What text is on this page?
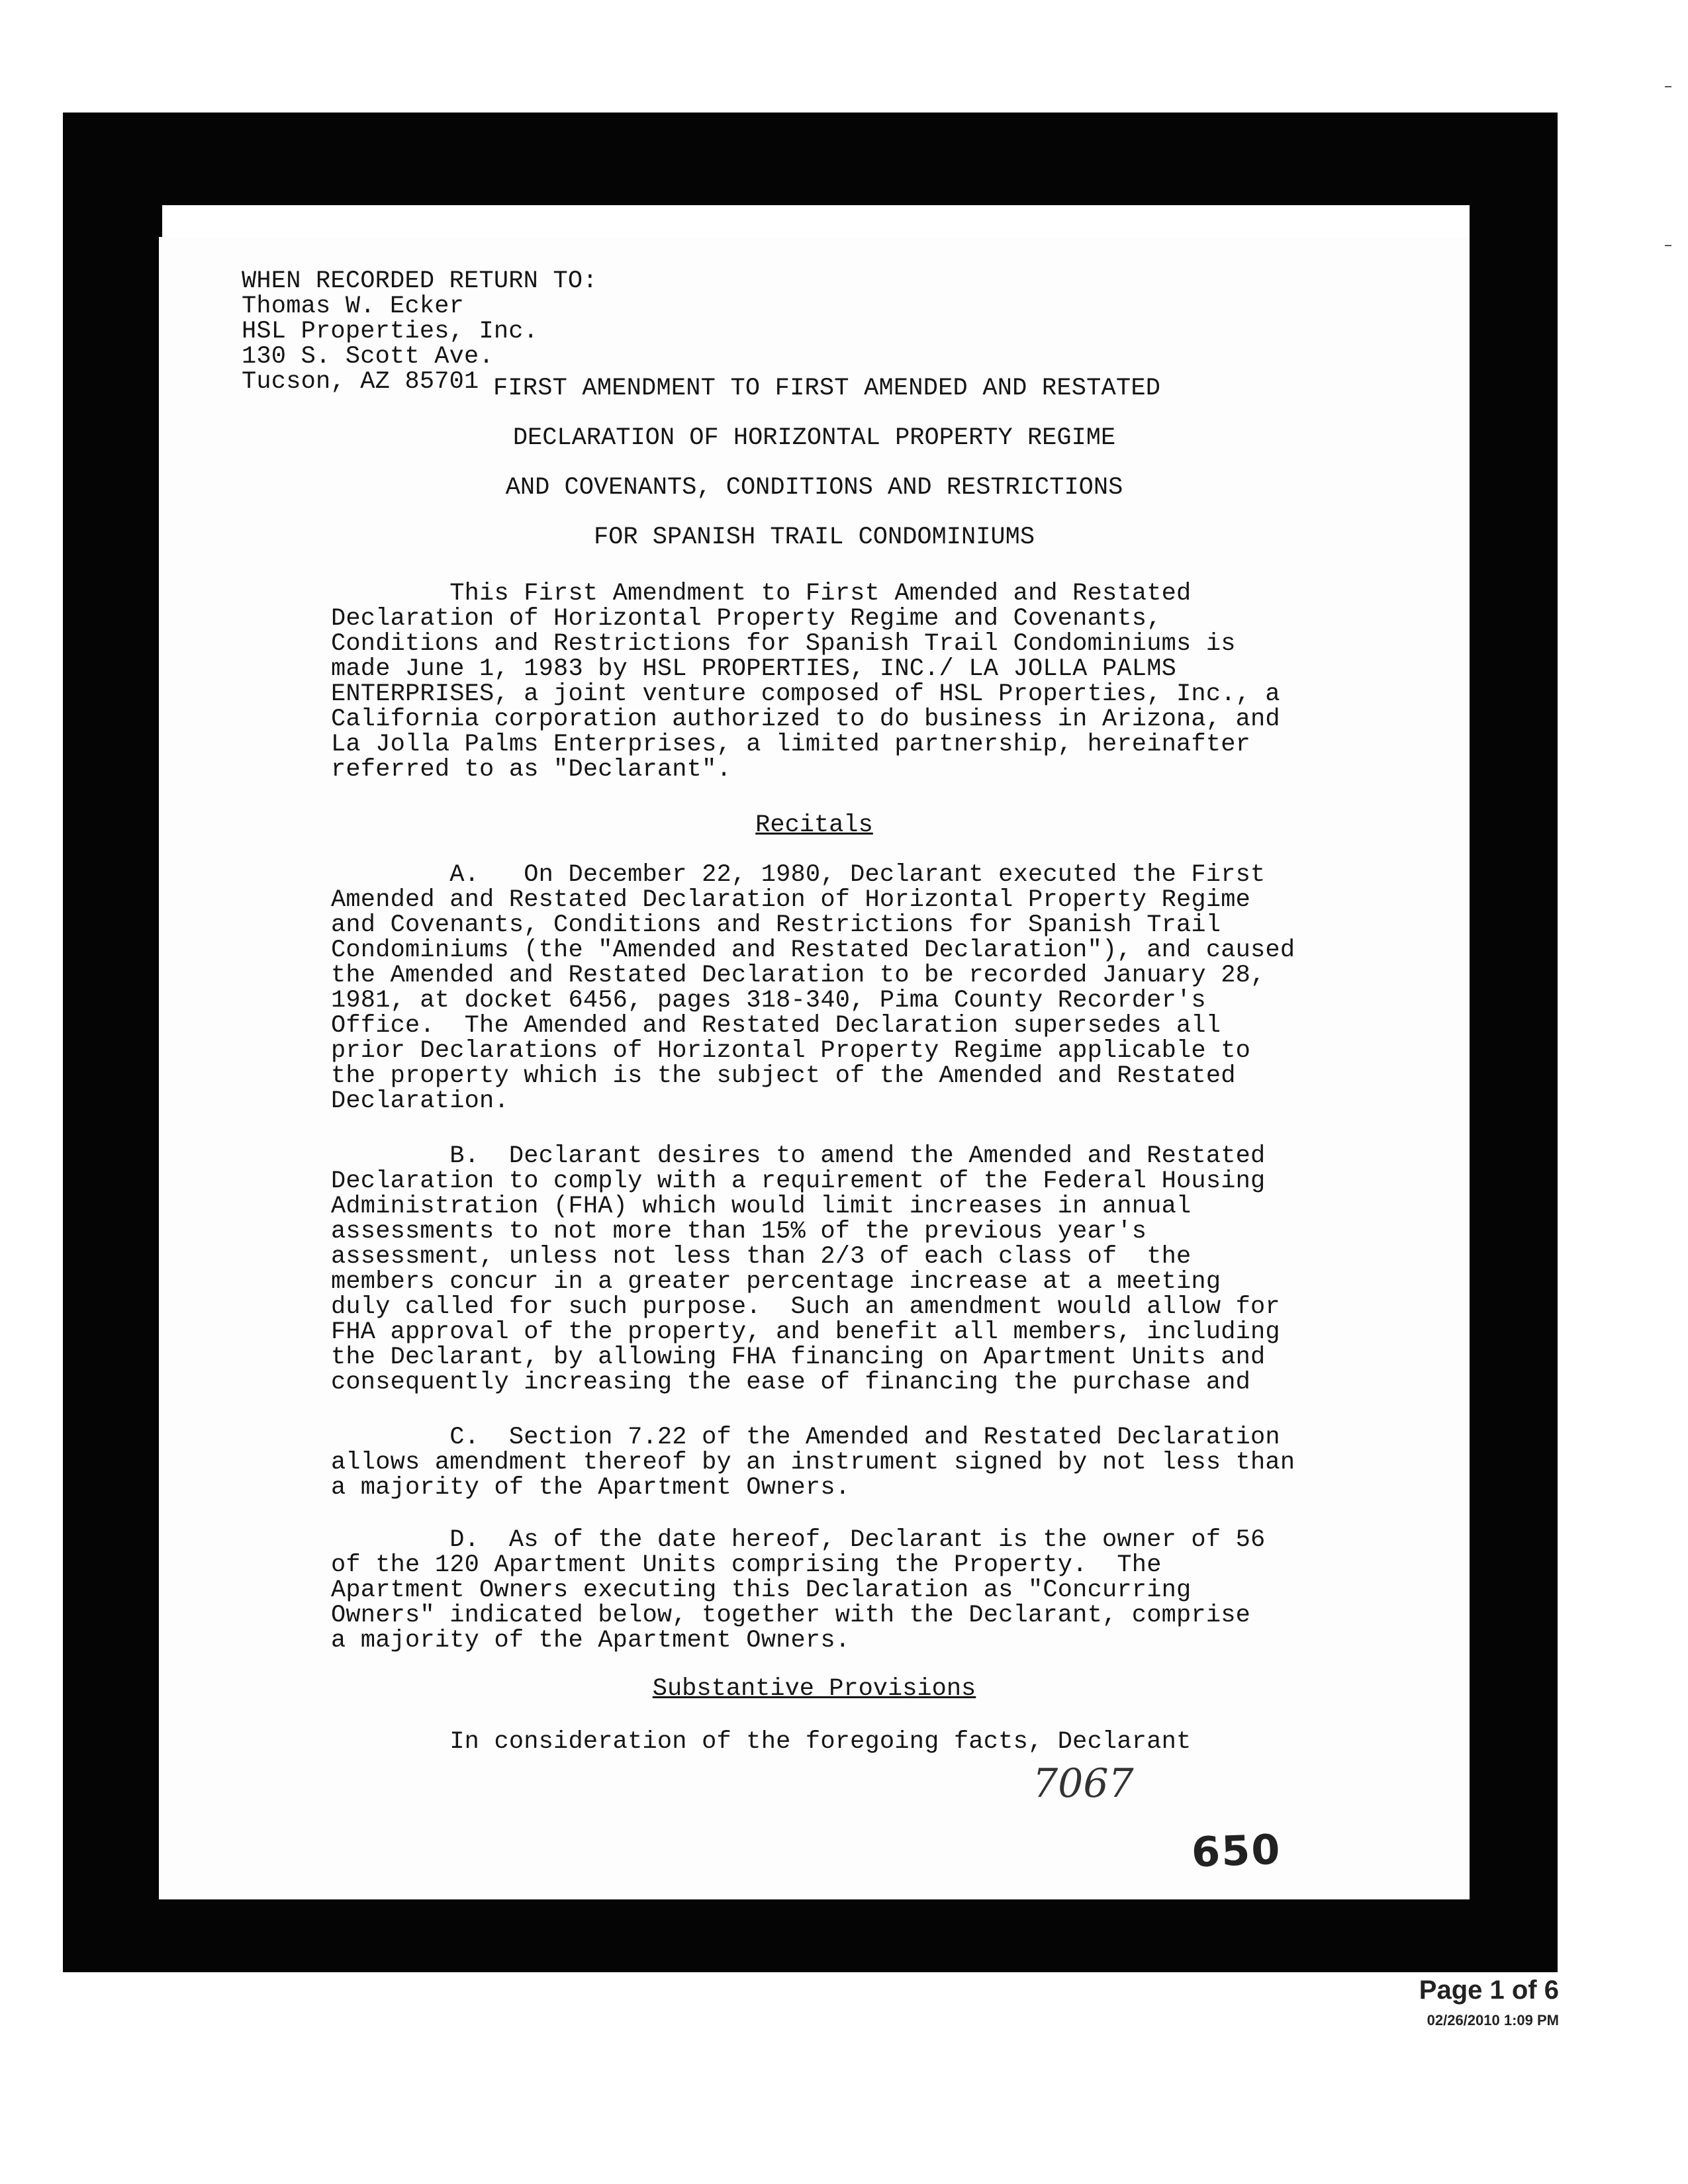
WHEN RECORDED RETURN TO:
Thomas W. Ecker
HSL Properties, Inc.
130 S. Scott Ave.
Tucson, AZ 85701 FIRST AMENDMENT TO FIRST AMENDED AND RESTATED
DECLARATION OF HORIZONTAL PROPERTY REGIME
AND COVENANTS, CONDITIONS AND RESTRICTIONS
FOR SPANISH TRAIL CONDOMINIUMS
This First Amendment to First Amended and Restated
Declaration of Horizontal Property Regime and Covenants,
Conditions and Restrictions for Spanish Trail Condominiums is
made June 1, 1983 by HSL PROPERTIES, INC./ LA JOLLA PALMS
ENTERPRISES, a joint venture composed of HSL Properties, Inc., a
California corporation authorized to do business in Arizona, and
La Jolla Palms Enterprises, a limited partnership, hereinafter
referred to as "Declarant".
Recitals
A.   On December 22, 1980, Declarant executed the First
Amended and Restated Declaration of Horizontal Property Regime
and Covenants, Conditions and Restrictions for Spanish Trail
Condominiums (the "Amended and Restated Declaration"), and caused
the Amended and Restated Declaration to be recorded January 28,
1981, at docket 6456, pages 318-340, Pima County Recorder's
Office.  The Amended and Restated Declaration supersedes all
prior Declarations of Horizontal Property Regime applicable to
the property which is the subject of the Amended and Restated
Declaration.
B.  Declarant desires to amend the Amended and Restated
Declaration to comply with a requirement of the Federal Housing
Administration (FHA) which would limit increases in annual
assessments to not more than 15% of the previous year's
assessment, unless not less than 2/3 of each class of  the
members concur in a greater percentage increase at a meeting
duly called for such purpose.  Such an amendment would allow for
FHA approval of the property, and benefit all members, including
the Declarant, by allowing FHA financing on Apartment Units and
consequently increasing the ease of financing the purchase and
C.  Section 7.22 of the Amended and Restated Declaration
allows amendment thereof by an instrument signed by not less than
a majority of the Apartment Owners.
D.  As of the date hereof, Declarant is the owner of 56
of the 120 Apartment Units comprising the Property.  The
Apartment Owners executing this Declaration as "Concurring
Owners" indicated below, together with the Declarant, comprise
a majority of the Apartment Owners.
Substantive Provisions
In consideration of the foregoing facts, Declarant
7067
650
Page 1 of 6
02/26/2010 1:09 PM
